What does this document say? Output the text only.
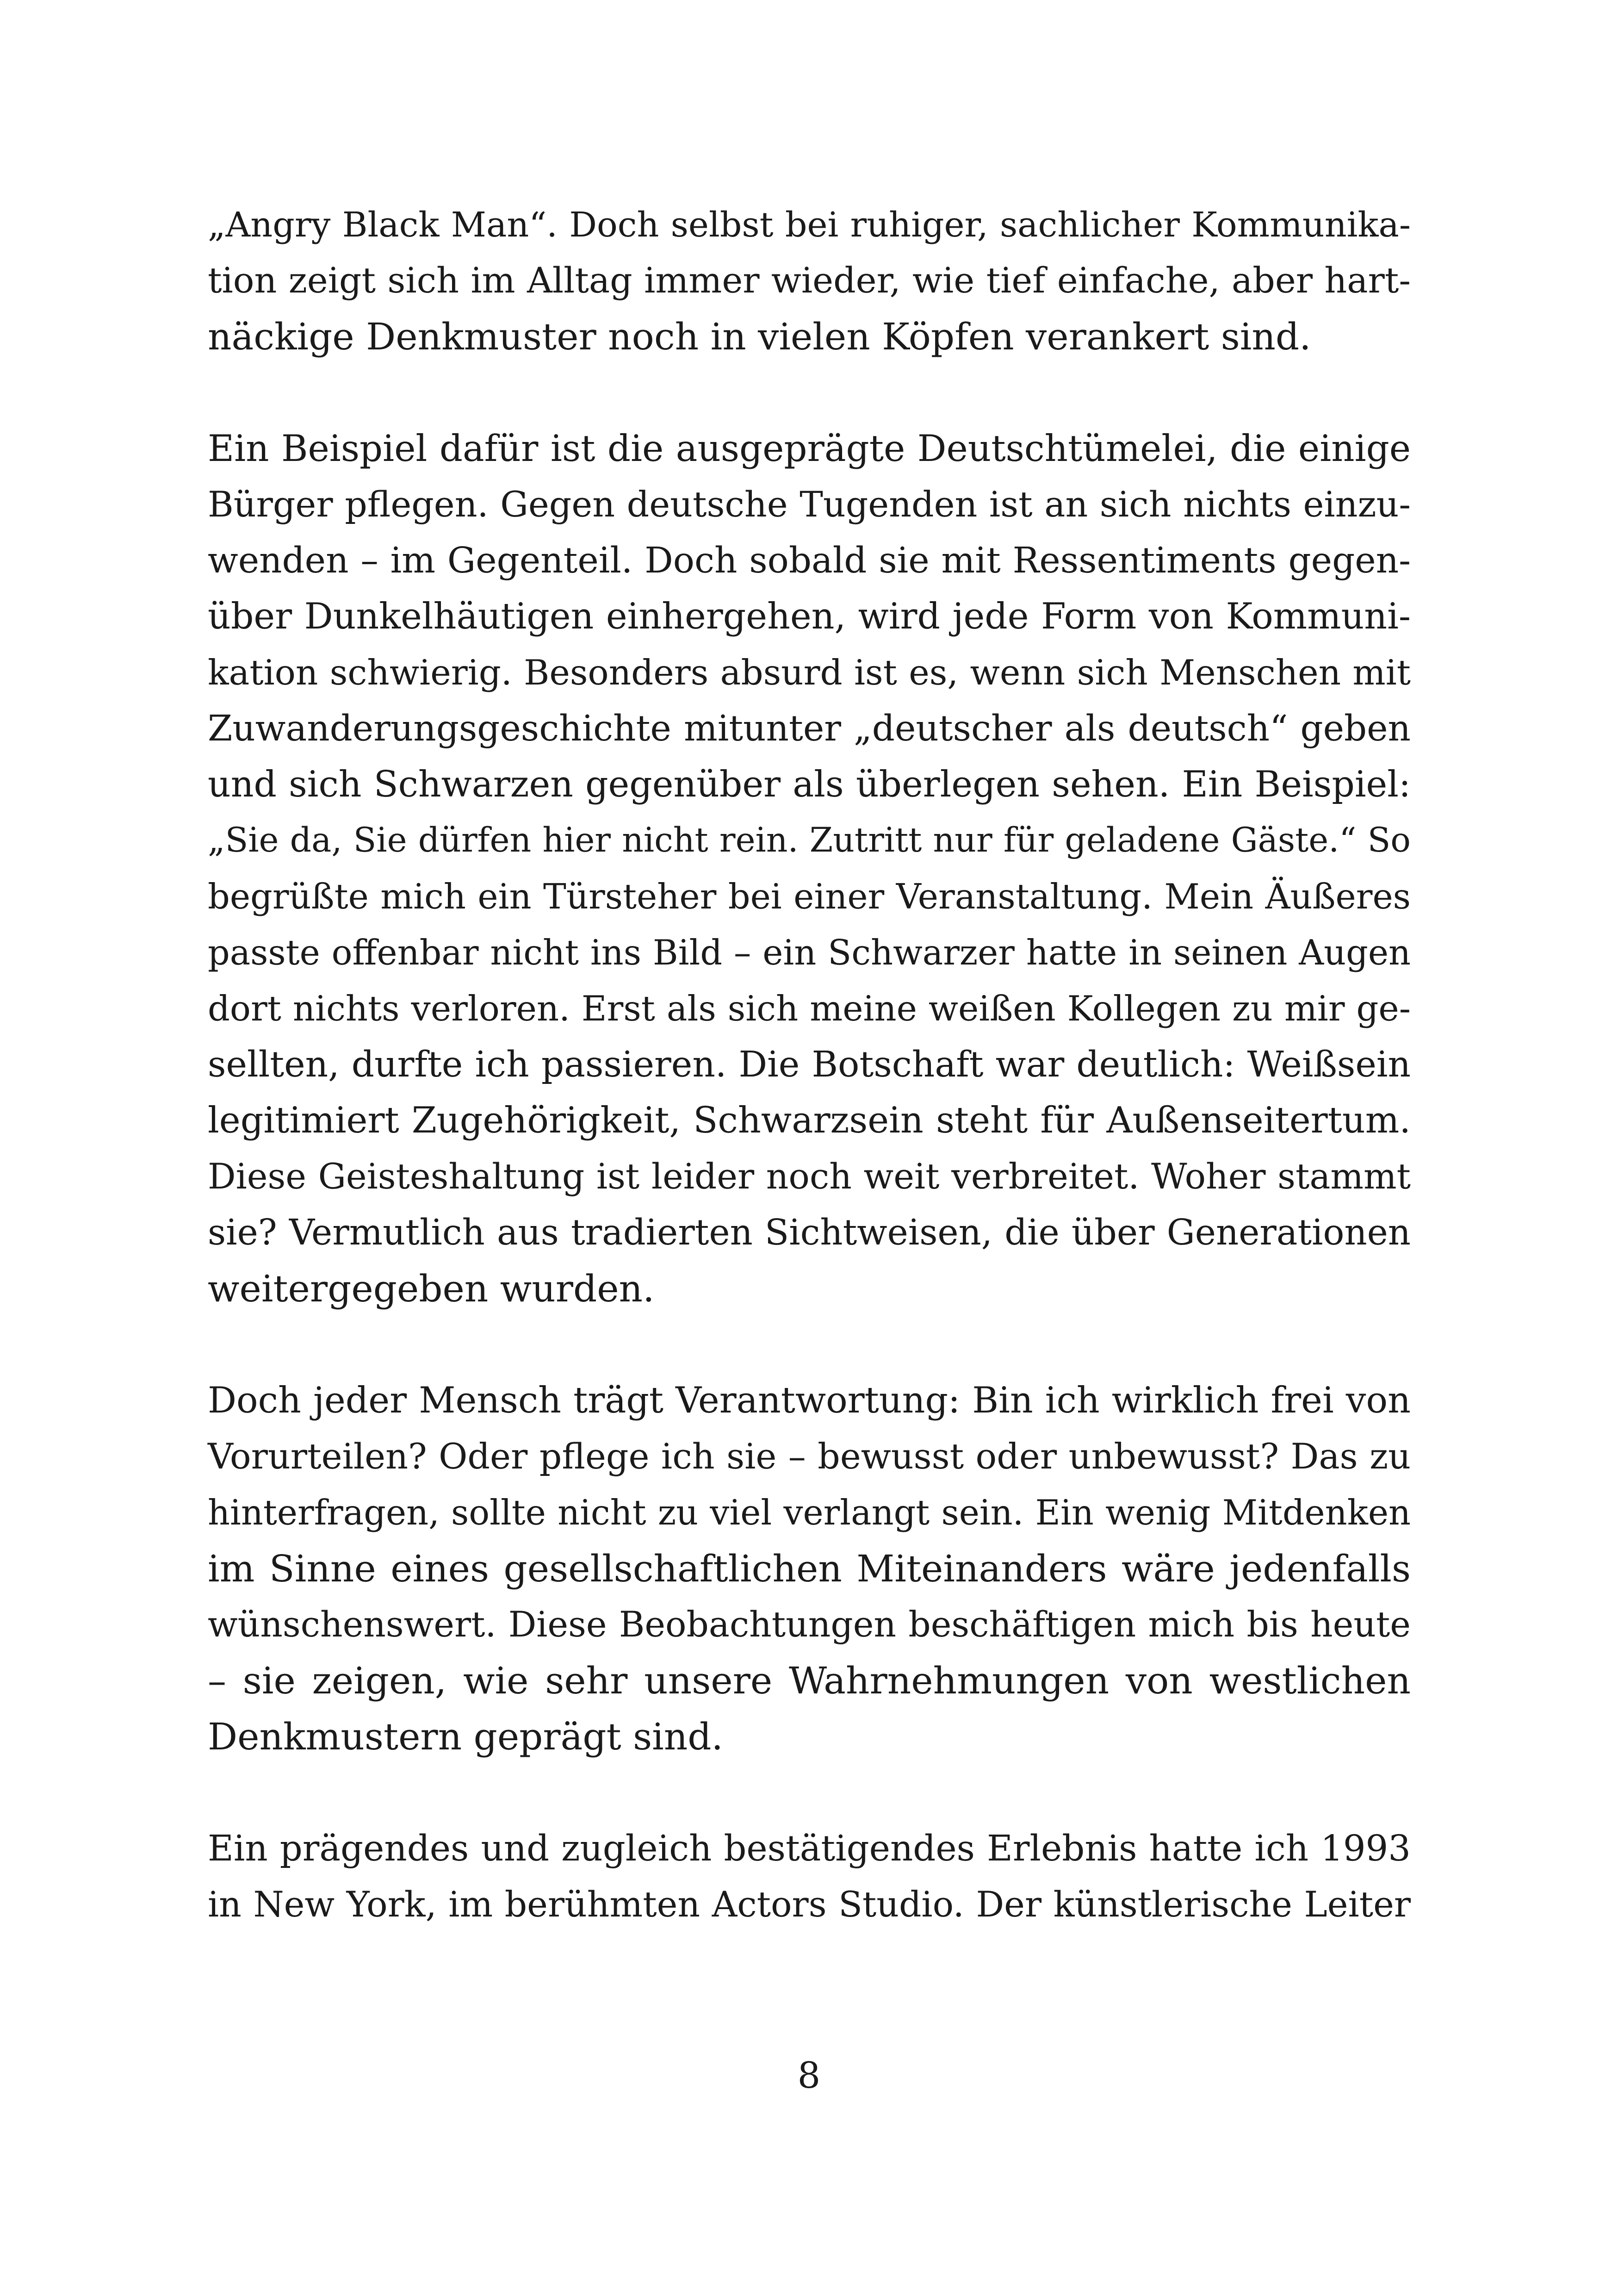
„Angry Black Man“. Doch selbst bei ruhiger, sachlicher Kommunika-
tion zeigt sich im Alltag immer wieder, wie tief einfache, aber hart-
näckige Denkmuster noch in vielen Köpfen verankert sind.

Ein Beispiel dafür ist die ausgeprägte Deutschtümelei, die einige
Bürger pflegen. Gegen deutsche Tugenden ist an sich nichts einzu-
wenden – im Gegenteil. Doch sobald sie mit Ressentiments gegen-
über Dunkelhäutigen einhergehen, wird jede Form von Kommuni-
kation schwierig. Besonders absurd ist es, wenn sich Menschen mit
Zuwanderungsgeschichte mitunter „deutscher als deutsch“ geben
und sich Schwarzen gegenüber als überlegen sehen. Ein Beispiel:
„Sie da, Sie dürfen hier nicht rein. Zutritt nur für geladene Gäste.“ So
begrüßte mich ein Türsteher bei einer Veranstaltung. Mein Äußeres
passte offenbar nicht ins Bild – ein Schwarzer hatte in seinen Augen
dort nichts verloren. Erst als sich meine weißen Kollegen zu mir ge-
sellten, durfte ich passieren. Die Botschaft war deutlich: Weißsein
legitimiert Zugehörigkeit, Schwarzsein steht für Außenseitertum.
Diese Geisteshaltung ist leider noch weit verbreitet. Woher stammt
sie? Vermutlich aus tradierten Sichtweisen, die über Generationen
weitergegeben wurden.

Doch jeder Mensch trägt Verantwortung: Bin ich wirklich frei von
Vorurteilen? Oder pflege ich sie – bewusst oder unbewusst? Das zu
hinterfragen, sollte nicht zu viel verlangt sein. Ein wenig Mitdenken
im Sinne eines gesellschaftlichen Miteinanders wäre jedenfalls
wünschenswert. Diese Beobachtungen beschäftigen mich bis heute
– sie zeigen, wie sehr unsere Wahrnehmungen von westlichen
Denkmustern geprägt sind.

Ein prägendes und zugleich bestätigendes Erlebnis hatte ich 1993
in New York, im berühmten Actors Studio. Der künstlerische Leiter

8
